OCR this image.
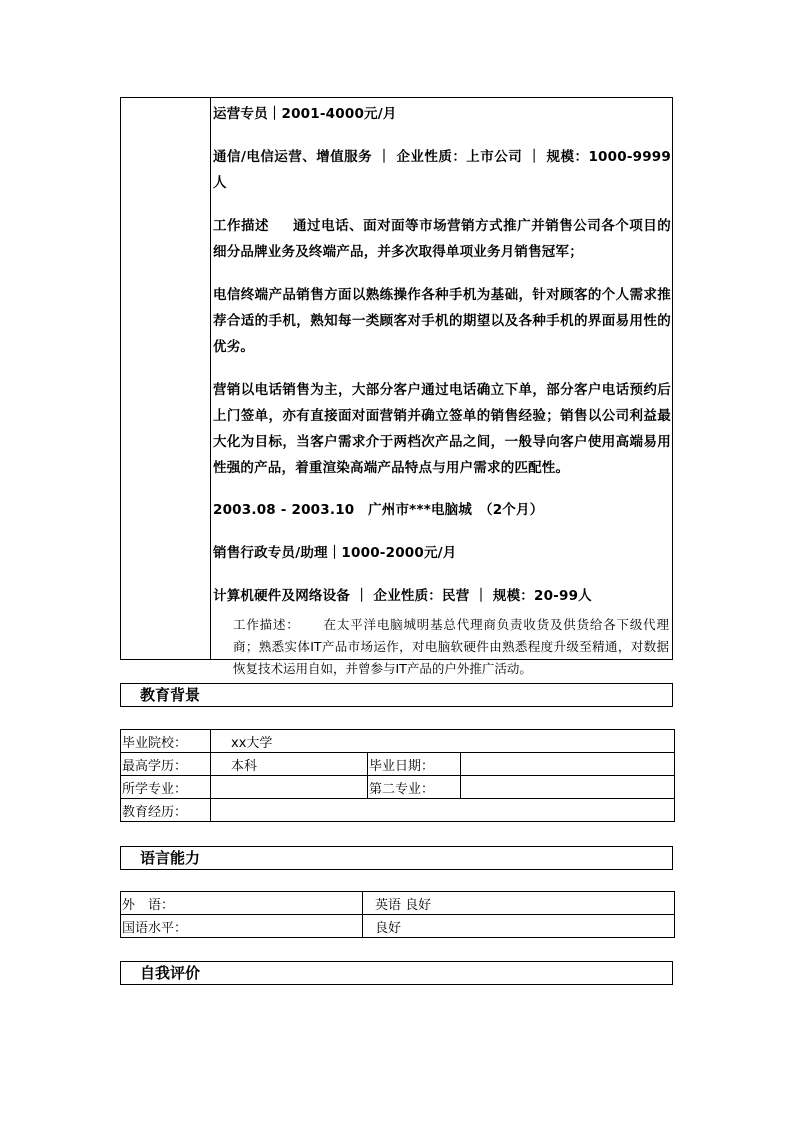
运营专员｜2001-4000元/月

通信/电信运营、增值服务 ｜ 企业性质：上市公司 ｜ 规模：1000-9999人

工作描述 通过电话、面对面等市场营销方式推广并销售公司各个项目的细分品牌业务及终端产品，并多次取得单项业务月销售冠军；

电信终端产品销售方面以熟练操作各种手机为基础，针对顾客的个人需求推荐合适的手机，熟知每一类顾客对手机的期望以及各种手机的界面易用性的优劣。

营销以电话销售为主，大部分客户通过电话确立下单，部分客户电话预约后上门签单，亦有直接面对面营销并确立签单的销售经验；销售以公司利益最大化为目标，当客户需求介于两档次产品之间，一般导向客户使用高端易用性强的产品，着重渲染高端产品特点与用户需求的匹配性。

2003.08 - 2003.10　广州市***电脑城　（2个月）

销售行政专员/助理｜1000-2000元/月

计算机硬件及网络设备 ｜ 企业性质：民营 ｜ 规模：20-99人

工作描述： 在太平洋电脑城明基总代理商负责收货及供货给各下级代理商；熟悉实体IT产品市场运作，对电脑软硬件由熟悉程度升级至精通，对数据恢复技术运用自如，并曾参与IT产品的户外推广活动。

教育背景
毕业院校：	xx大学		
最高学历：	本科	毕业日期：	
所学专业：		第二专业：	
教育经历：			
语言能力
外　语：	英语 良好
国语水平：	良好
自我评价
